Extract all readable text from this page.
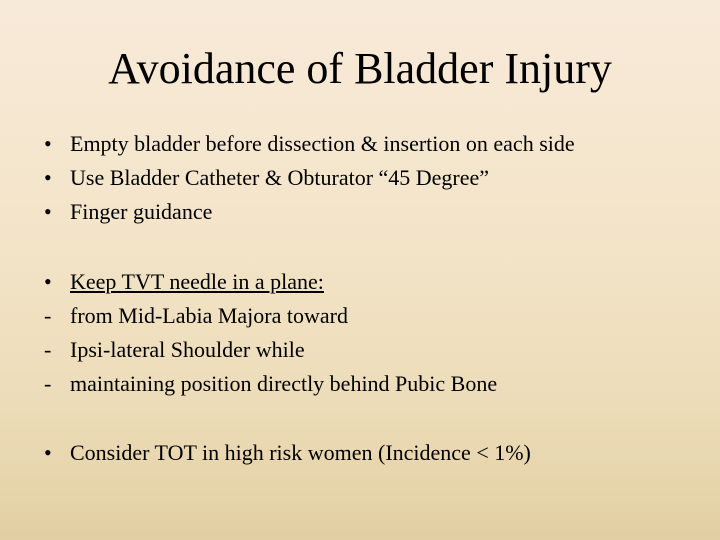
Avoidance of Bladder Injury
• Empty bladder before dissection & insertion on each side
• Use Bladder Catheter & Obturator “45 Degree”
• Finger guidance
• Keep TVT needle in a plane:
- from Mid-Labia Majora toward
- Ipsi-lateral Shoulder while
- maintaining position directly behind Pubic Bone
• Consider TOT in high risk women (Incidence < 1%)
